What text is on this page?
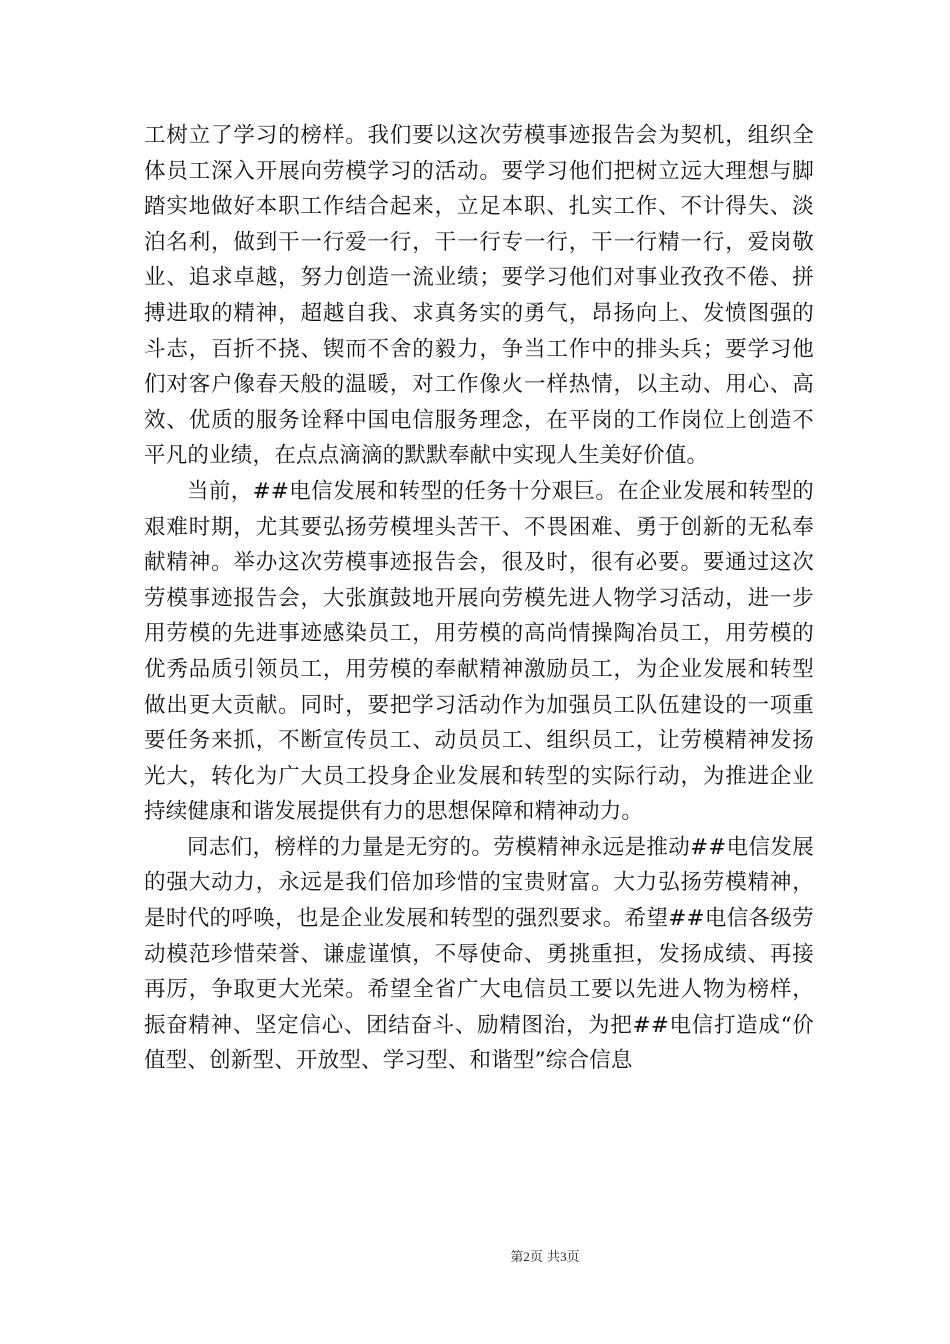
工树立了学习的榜样。我们要以这次劳模事迹报告会为契机，组织全体员工深入开展向劳模学习的活动。要学习他们把树立远大理想与脚踏实地做好本职工作结合起来，立足本职、扎实工作、不计得失、淡泊名利，做到干一行爱一行，干一行专一行，干一行精一行，爱岗敬业、追求卓越，努力创造一流业绩；要学习他们对事业孜孜不倦、拼搏进取的精神，超越自我、求真务实的勇气，昂扬向上、发愤图强的斗志，百折不挠、锲而不舍的毅力，争当工作中的排头兵；要学习他们对客户像春天般的温暖，对工作像火一样热情，以主动、用心、高效、优质的服务诠释中国电信服务理念，在平岗的工作岗位上创造不平凡的业绩，在点点滴滴的默默奉献中实现人生美好价值。

当前，##电信发展和转型的任务十分艰巨。在企业发展和转型的艰难时期，尤其要弘扬劳模埋头苦干、不畏困难、勇于创新的无私奉献精神。举办这次劳模事迹报告会，很及时，很有必要。要通过这次劳模事迹报告会，大张旗鼓地开展向劳模先进人物学习活动，进一步用劳模的先进事迹感染员工，用劳模的高尚情操陶冶员工，用劳模的优秀品质引领员工，用劳模的奉献精神激励员工，为企业发展和转型做出更大贡献。同时，要把学习活动作为加强员工队伍建设的一项重要任务来抓，不断宣传员工、动员员工、组织员工，让劳模精神发扬光大，转化为广大员工投身企业发展和转型的实际行动，为推进企业持续健康和谐发展提供有力的思想保障和精神动力。

同志们，榜样的力量是无穷的。劳模精神永远是推动##电信发展的强大动力，永远是我们倍加珍惜的宝贵财富。大力弘扬劳模精神，是时代的呼唤，也是企业发展和转型的强烈要求。希望##电信各级劳动模范珍惜荣誉、谦虚谨慎，不辱使命、勇挑重担，发扬成绩、再接再厉，争取更大光荣。希望全省广大电信员工要以先进人物为榜样，振奋精神、坚定信心、团结奋斗、励精图治，为把##电信打造成“价值型、创新型、开放型、学习型、和谐型”综合信息

第2页 共3页
